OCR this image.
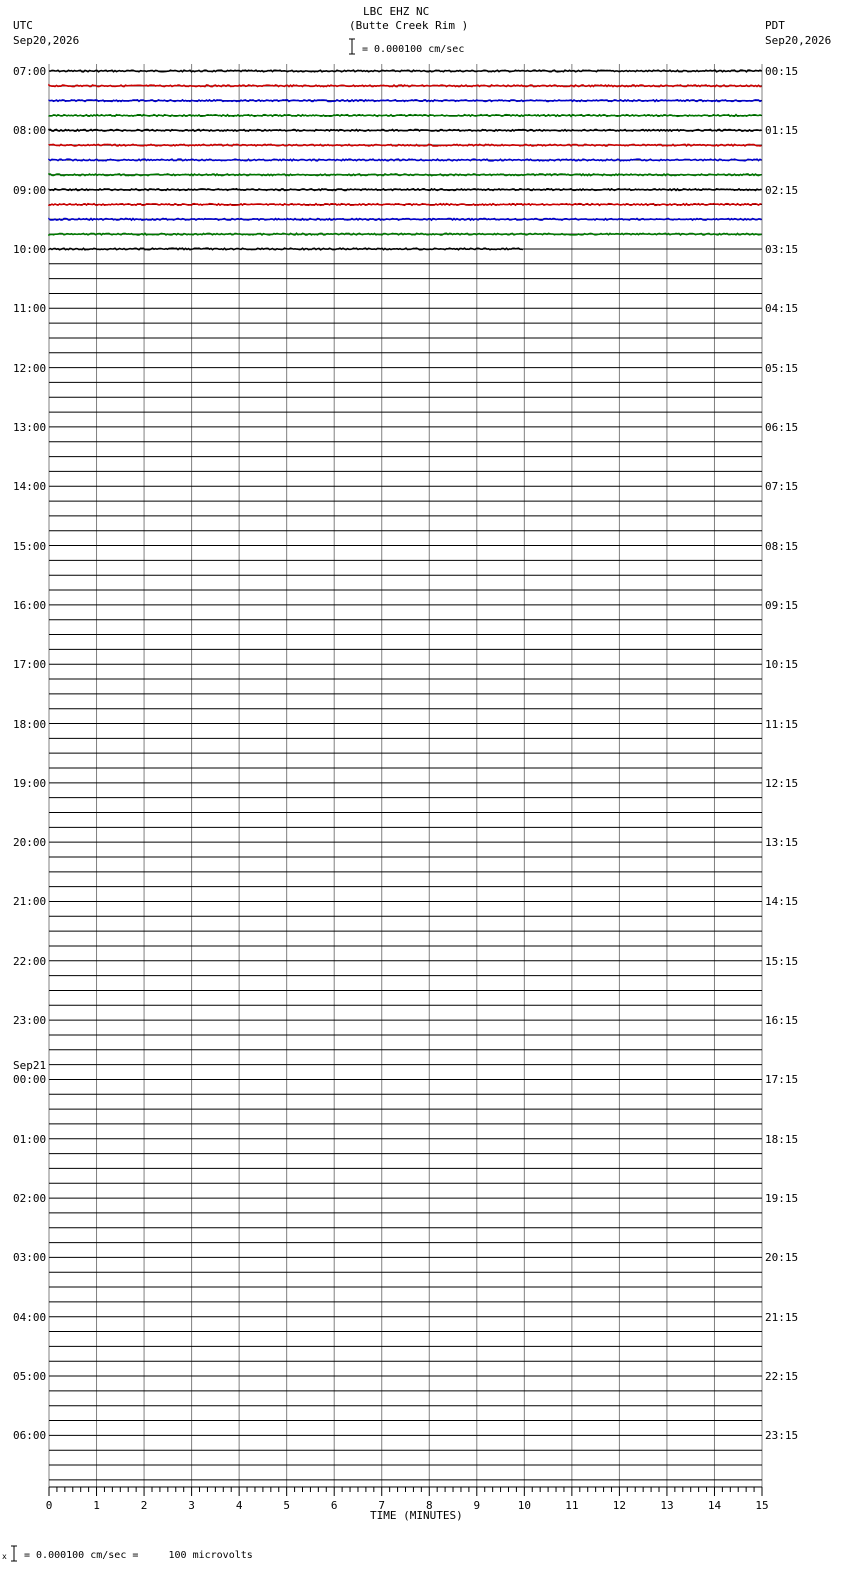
LBC EHZ NC
(Butte Creek Rim )
UTC
Sep20,2026
PDT
Sep20,2026
= 0.000100 cm/sec
07:00
08:00
09:00
10:00
11:00
12:00
13:00
14:00
15:00
16:00
17:00
18:00
19:00
20:00
21:00
22:00
23:00
00:00
Sep21
01:00
02:00
03:00
04:00
05:00
06:00
00:15
01:15
02:15
03:15
04:15
05:15
06:15
07:15
08:15
09:15
10:15
11:15
12:15
13:15
14:15
15:15
16:15
17:15
18:15
19:15
20:15
21:15
22:15
23:15
0	1	2	3	4	5	6	7	8	9	10	11	12	13	14	15
TIME (MINUTES)
x = 0.000100 cm/sec =     100 microvolts
